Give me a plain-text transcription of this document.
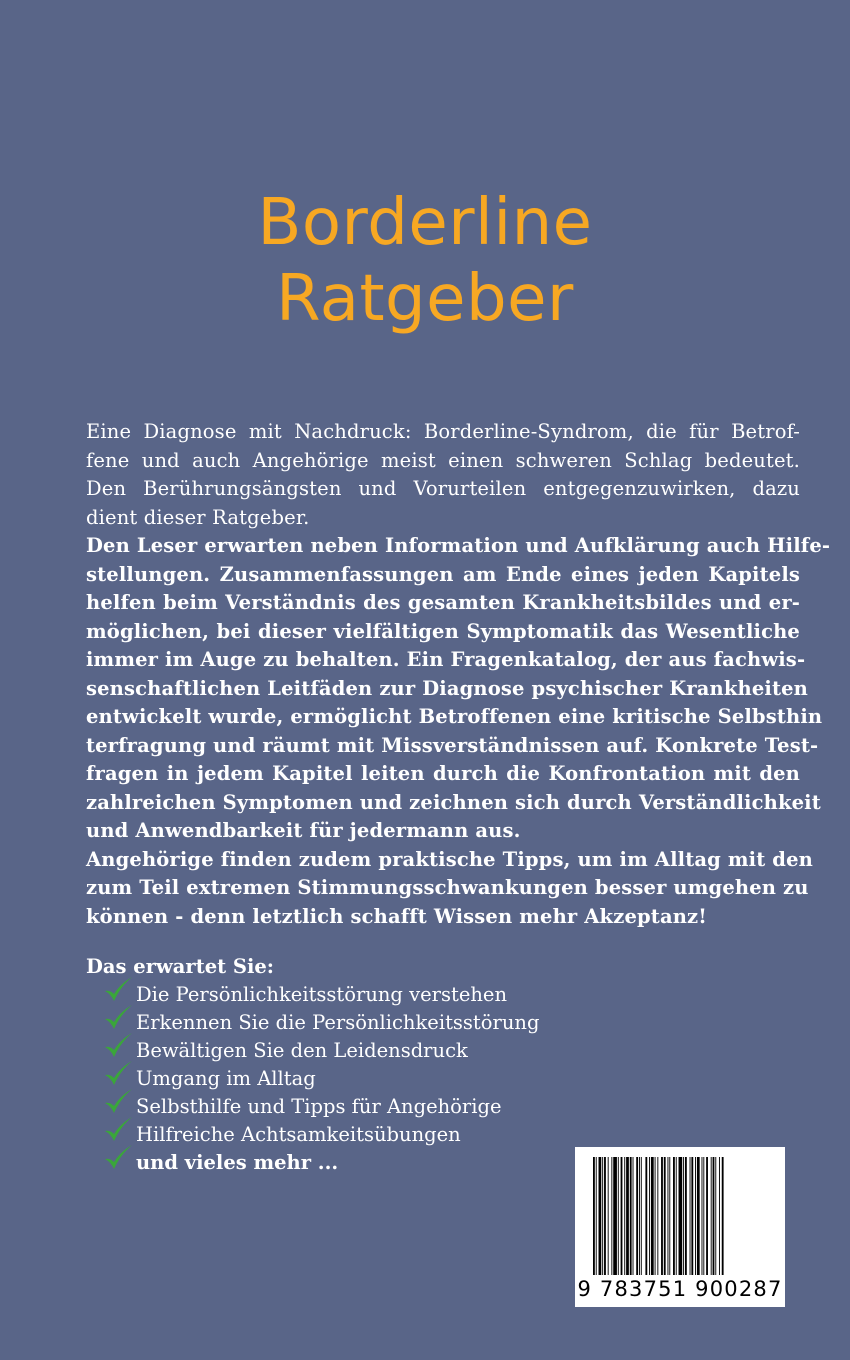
Borderline
Ratgeber
Eine Diagnose mit Nachdruck: Borderline-Syndrom, die für Betrof-
fene und auch Angehörige meist einen schweren Schlag bedeutet.
Den Berührungsängsten und Vorurteilen entgegenzuwirken, dazu
dient dieser Ratgeber.
Den Leser erwarten neben Information und Aufklärung auch Hilfe-
stellungen. Zusammenfassungen am Ende eines jeden Kapitels
helfen beim Verständnis des gesamten Krankheitsbildes und er-
möglichen, bei dieser vielfältigen Symptomatik das Wesentliche
immer im Auge zu behalten. Ein Fragenkatalog, der aus fachwis-
senschaftlichen Leitfäden zur Diagnose psychischer Krankheiten
entwickelt wurde, ermöglicht Betroffenen eine kritische Selbsthin
terfragung und räumt mit Missverständnissen auf. Konkrete Test-
fragen in jedem Kapitel leiten durch die Konfrontation mit den
zahlreichen Symptomen und zeichnen sich durch Verständlichkeit
und Anwendbarkeit für jedermann aus.
Angehörige finden zudem praktische Tipps, um im Alltag mit den
zum Teil extremen Stimmungsschwankungen besser umgehen zu
können - denn letztlich schafft Wissen mehr Akzeptanz!
Das erwartet Sie:
Die Persönlichkeitsstörung verstehen
Erkennen Sie die Persönlichkeitsstörung
Bewältigen Sie den Leidensdruck
Umgang im Alltag
Selbsthilfe und Tipps für Angehörige
Hilfreiche Achtsamkeitsübungen
und vieles mehr ...
9 783751 900287
